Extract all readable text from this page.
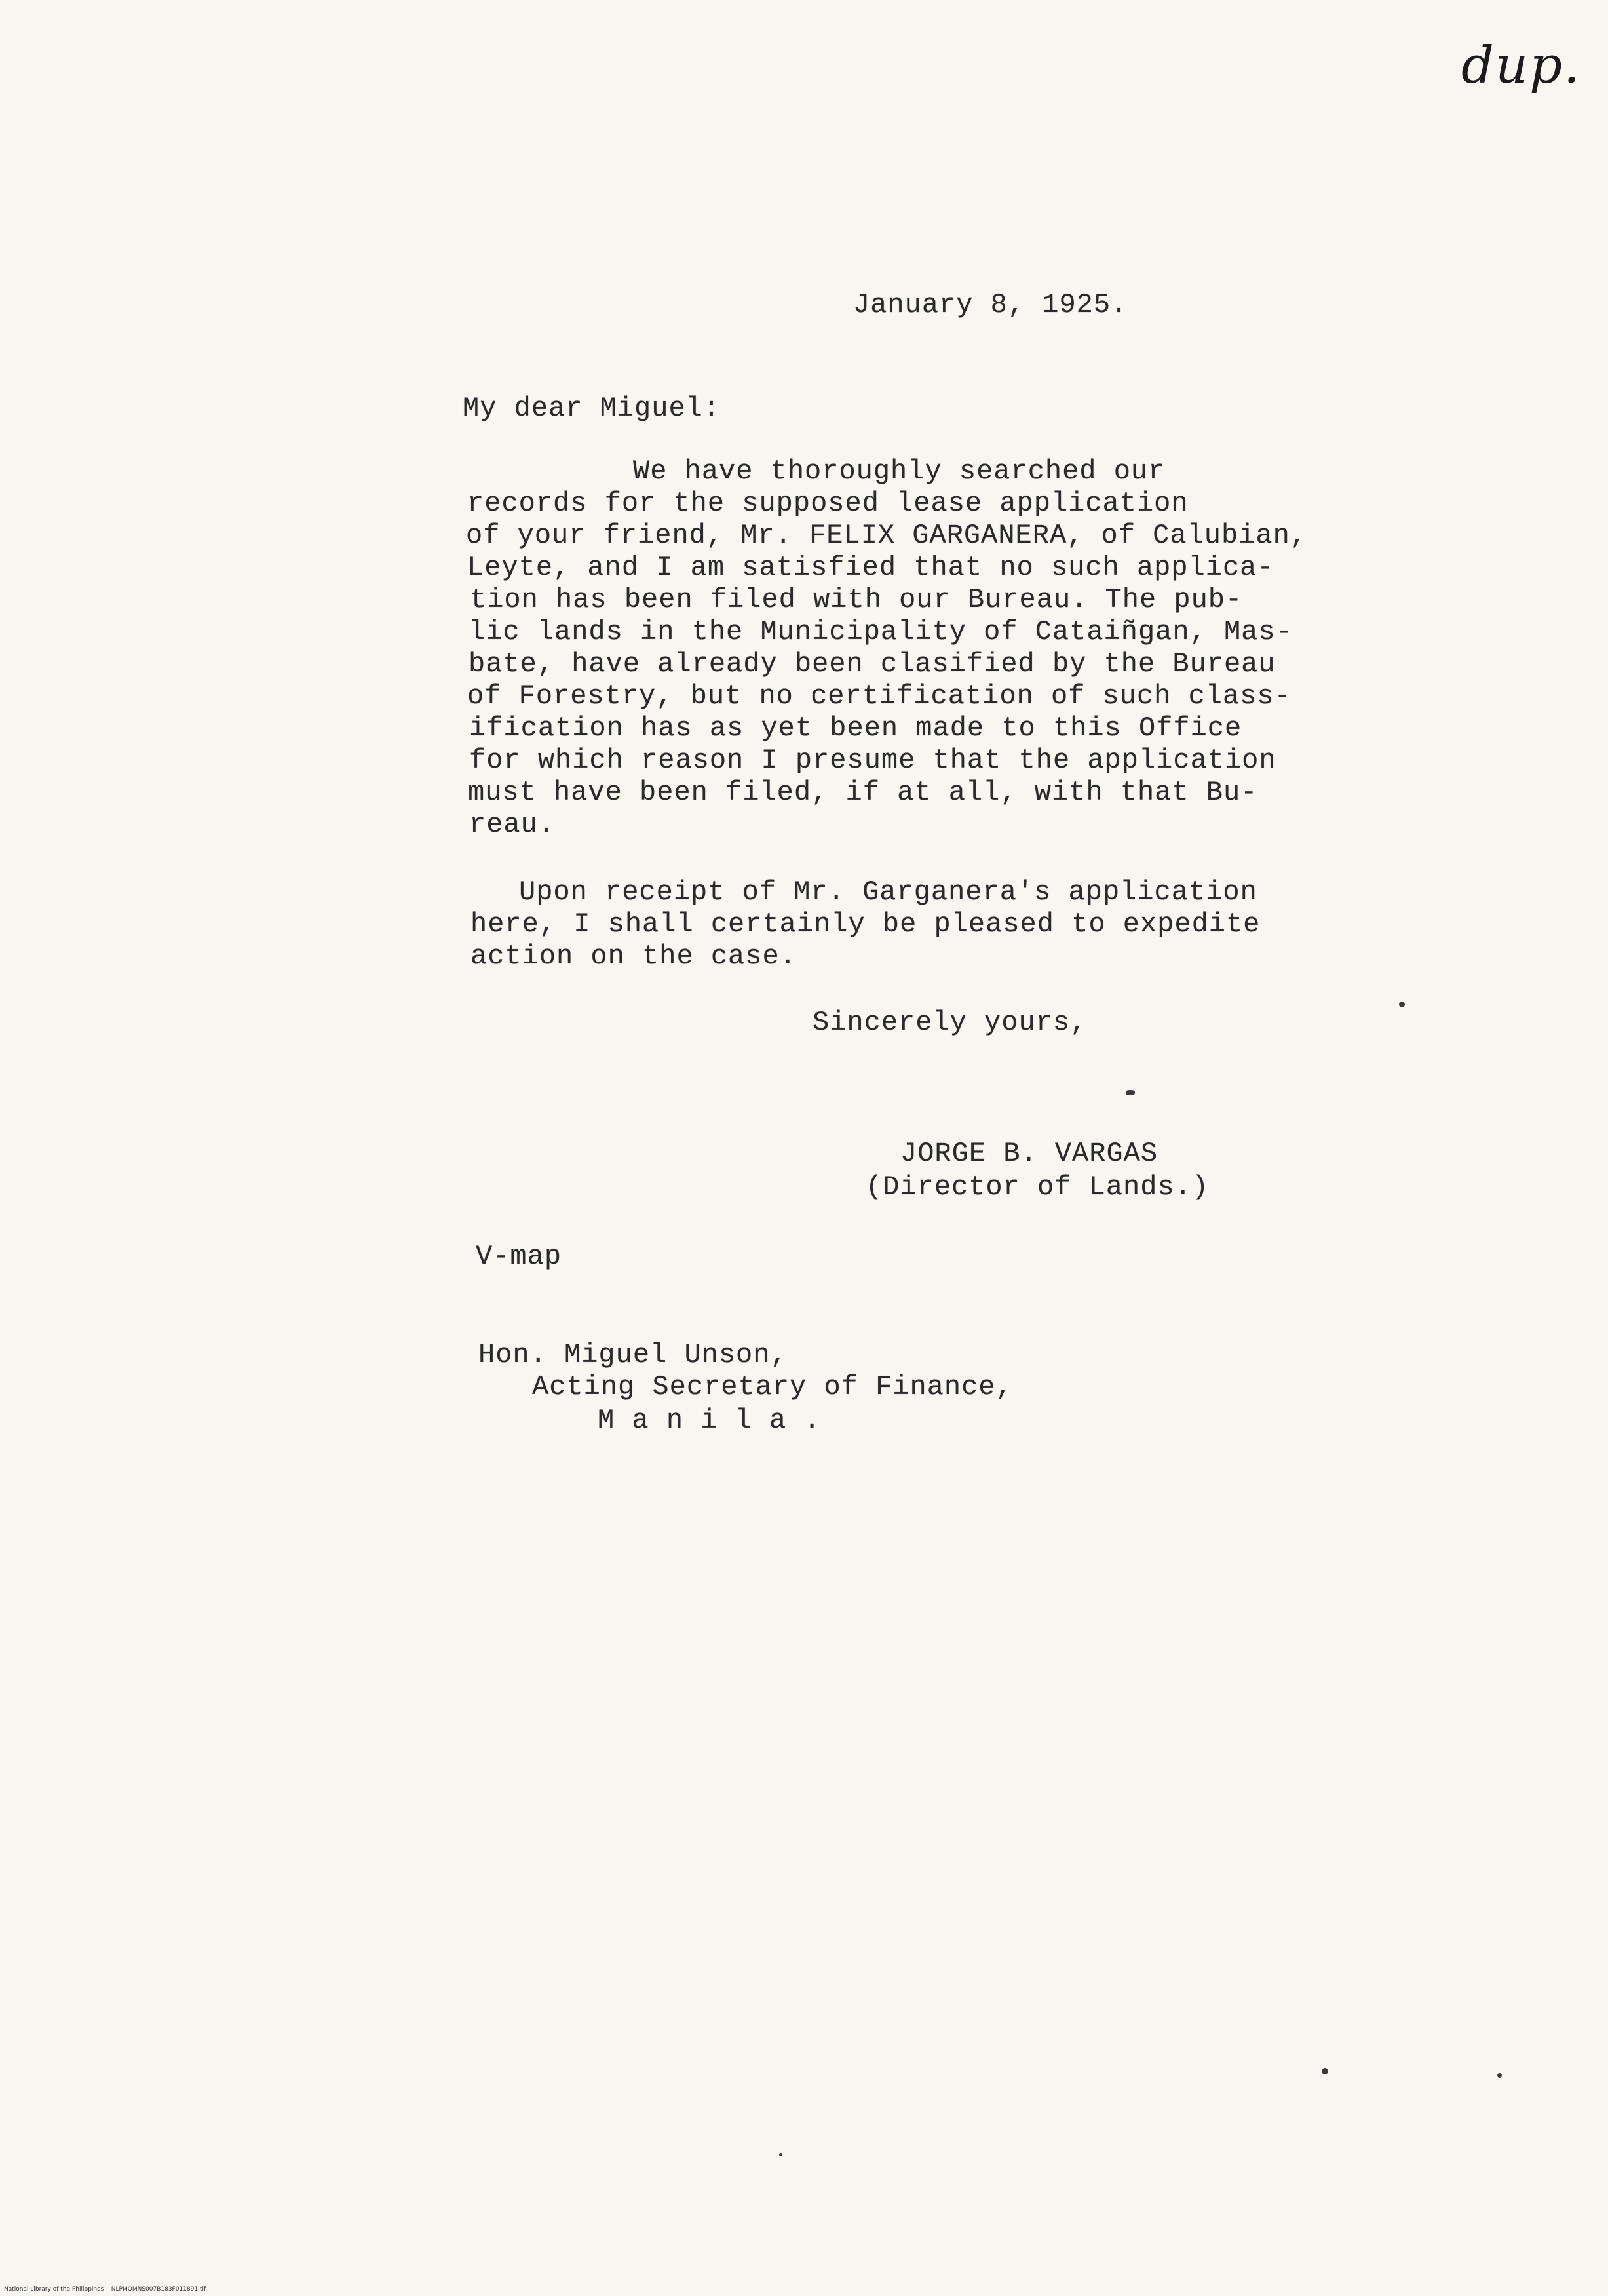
dup.
January 8, 1925.
My dear Miguel:
We have thoroughly searched our
records for the supposed lease application
of your friend, Mr. FELIX GARGANERA, of Calubian,
Leyte, and I am satisfied that no such applica-
tion has been filed with our Bureau. The pub-
lic lands in the Municipality of Cataiñgan, Mas-
bate, have already been clasified by the Bureau
of Forestry, but no certification of such class-
ification has as yet been made to this Office
for which reason I presume that the application
must have been filed, if at all, with that Bu-
reau.
Upon receipt of Mr. Garganera's application
here, I shall certainly be pleased to expedite
action on the case.
Sincerely yours,
JORGE B. VARGAS
(Director of Lands.)
V-map
Hon. Miguel Unson,
Acting Secretary of Finance,
M a n i l a .
National Library of the Philippines    NLPMQMNS007B183F011891.tif
